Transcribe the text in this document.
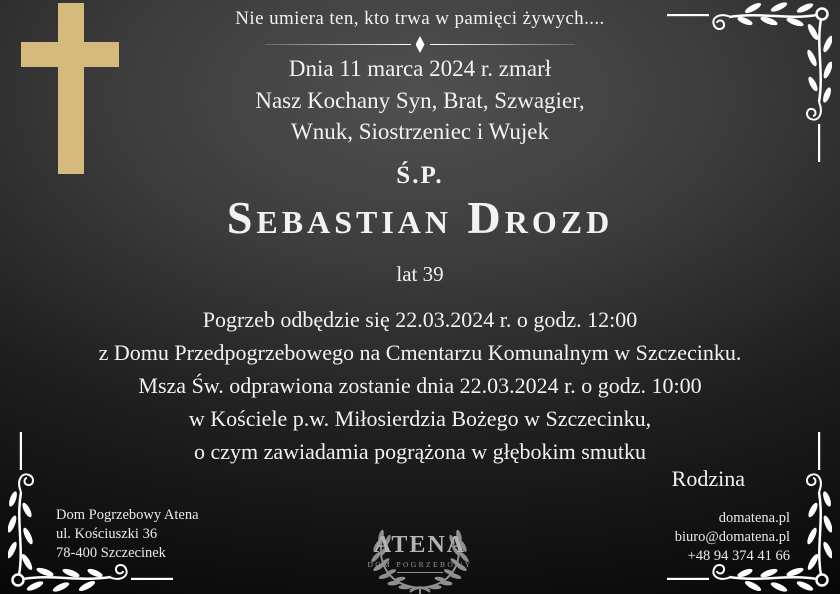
Nie umiera ten, kto trwa w pamięci żywych....
Dnia 11 marca 2024 r. zmarł
Nasz Kochany Syn, Brat, Szwagier,
Wnuk, Siostrzeniec i Wujek
Ś.P.
Sebastian Drozd
lat 39
Pogrzeb odbędzie się 22.03.2024 r. o godz. 12:00
z Domu Przedpogrzebowego na Cmentarzu Komunalnym w Szczecinku.
Msza Św. odprawiona zostanie dnia 22.03.2024 r. o godz. 10:00
w Kościele p.w. Miłosierdzia Bożego w Szczecinku,
o czym zawiadamia pogrążona w głębokim smutku
Rodzina
Dom Pogrzebowy Atena
ul. Kościuszki 36
78-400 Szczecinek
domatena.pl
biuro@domatena.pl
+48 94 374 41 66
ATENA
DOM POGRZEBOWY
